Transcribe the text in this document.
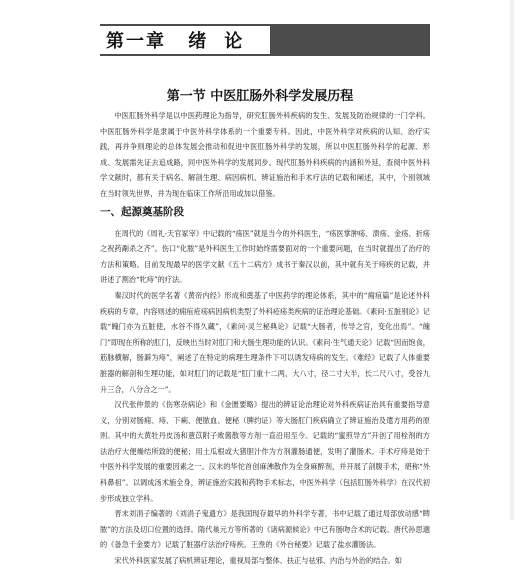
第一章 绪 论
第一节 中医肛肠外科学发展历程

中医肛肠外科学是以中医药理论为指导，研究肛肠外科疾病的发生、发展及防治规律的一门学科。中医肛肠外科学是隶属于中医外科学体系的一个重要专科。因此，中医外科学对疾病的认知、治疗实践，再并争则理论的总体发展会推动和促进中医肛肠外科学的发展，所以中医肛肠外科学的起源、形成、发展需先证去追成路，同中医外科学的发展同步。现代肛肠外科疾病的内涵和外延，查阅中医外科学文献时，都有关于病名、解剖生理、病因病机、辨证施治和手术疗法的记载和阐述，其中，个别领域在当时领先世界，并为现在临床工作所沿用或加以借鉴。

一、起源奠基阶段

在周代的《周礼·天官冢宰》中记载的“疡医”就是当今的外科医生，“疡医掌肿疡、溃疡、金疡、折疡之祝药劀杀之齐”。伤口“化脓”是外科医生工作时始终需要面对的一个重要问题，在当时就提出了治疗的方法和策略。目前发现最早的医学文献《五十二病方》成书于秦汉以前，其中就有关于痔疾的记载，并讲述了割治“牝痔”的疗法。

秦汉时代的医学名著《黄帝内经》形成和奠基了中医药学的理论体系，其中的“痈疽篇”是论述外科疾病的专章，内容则述的痈疽疮疡病因病机类型了外科疮疡类疾病的证治理论基础。《素问·五脏别论》记载“魄门亦为五脏使，水谷不得久藏”，《素问·灵兰秘典论》记载“大肠者，传导之官，变化出焉”。“魄门”即现在所称的肛门，反映出当时对肛门和大肠生理功能的认识。《素问·生气通天论》记载“因而饱食，筋脉横解，肠澼为痔”，阐述了在特定的病理生理条件下可以诱发痔病的发生。《难经》记载了人体重要脏器的解剖和生理功能，如对肛门的记载是“肛门重十二两，大八寸，径二寸大半，长二尺八寸，受谷九升三合，八分合之一”。

汉代张仲景的《伤寒杂病论》和《金匮要略》提出的辨证论治理论对外科疾病证治具有重要指导意义，分别对肠痈、痔、下痢、便脓血、便秘（脾约证）等大肠肛门疾病确立了辨证施治及遣方用药的原则。其中的大黄牡丹皮汤和薏苡附子败酱散等方剂一直沿用至今。记载的“蜜煎导方”开创了用栓剂的方法治疗大便燥结所致的便秘；用土瓜根或大猪胆汁作为方剂灌肠通便，发明了灌肠术。手术疗痔是始于中医外科学发展的重要因素之一。汉末的华佗首创麻沸散作为全身麻醉剂，并开展了剖腹手术，堪称“外科鼻祖”。以调成汤术施全身，辨证施治实践和药物手术标志，中医外科学（包括肛肠外科学）在汉代初步形成独立学科。

晋末刘涓子编著的《刘涓子鬼遗方》是我国现存最早的外科学专著，书中记载了通过局部放动感“睥脓”的方法及切口位置的选择。隋代巢元方等所著的《诸病源候论》中已有肠吻合术的记载。唐代孙思邈的《备急千金要方》记载了脏器疗法治疗痔疾。王焘的《外台秘要》记载了盐水灌肠法。

宋代外科医家发展了病机辨证理论，重视局部与整体、扶正与祛邪、内治与外治的结合。如
